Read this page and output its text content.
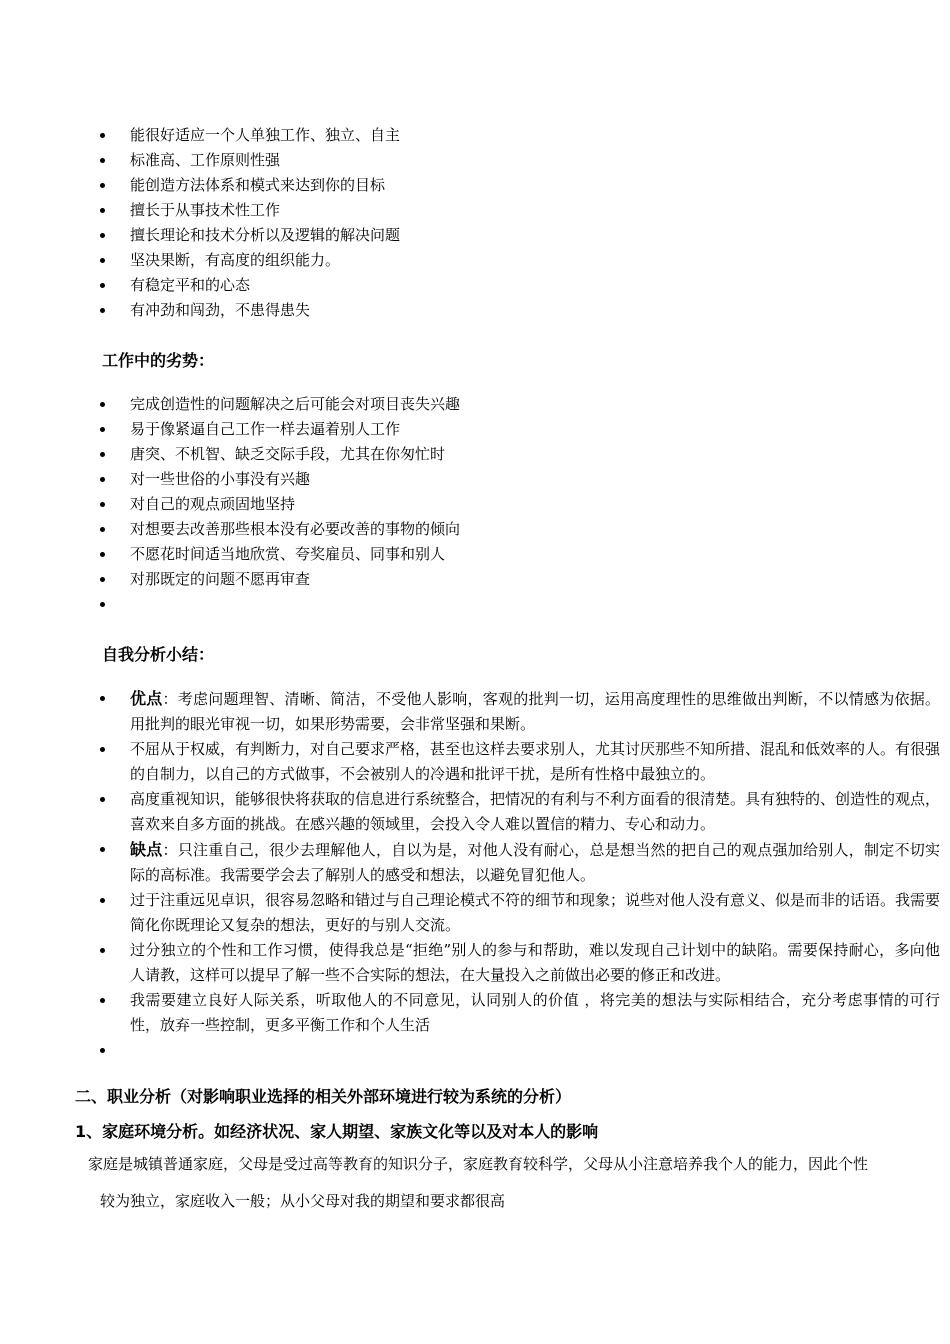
能很好适应一个人单独工作、独立、自主
标准高、工作原则性强
能创造方法体系和模式来达到你的目标
擅长于从事技术性工作
擅长理论和技术分析以及逻辑的解决问题
坚决果断，有高度的组织能力。
有稳定平和的心态
有冲劲和闯劲，不患得患失
工作中的劣势：
完成创造性的问题解决之后可能会对项目丧失兴趣
易于像紧逼自己工作一样去逼着别人工作
唐突、不机智、缺乏交际手段，尤其在你匆忙时
对一些世俗的小事没有兴趣
对自己的观点顽固地坚持
对想要去改善那些根本没有必要改善的事物的倾向
不愿花时间适当地欣赏、夸奖雇员、同事和别人
对那既定的问题不愿再审查

自我分析小结：
优点：考虑问题理智、清晰、简洁，不受他人影响，客观的批判一切，运用高度理性的思维做出判断，不以情感为依据。用批判的眼光审视一切，如果形势需要，会非常坚强和果断。
不屈从于权威，有判断力，对自己要求严格，甚至也这样去要求别人，尤其讨厌那些不知所措、混乱和低效率的人。有很强的自制力，以自己的方式做事，不会被别人的冷遇和批评干扰，是所有性格中最独立的。
高度重视知识，能够很快将获取的信息进行系统整合，把情况的有利与不利方面看的很清楚。具有独特的、创造性的观点，喜欢来自多方面的挑战。在感兴趣的领域里，会投入令人难以置信的精力、专心和动力。
缺点：只注重自己，很少去理解他人，自以为是，对他人没有耐心，总是想当然的把自己的观点强加给别人，制定不切实际的高标准。我需要学会去了解别人的感受和想法，以避免冒犯他人。
过于注重远见卓识，很容易忽略和错过与自己理论模式不符的细节和现象；说些对他人没有意义、似是而非的话语。我需要简化你既理论又复杂的想法，更好的与别人交流。
过分独立的个性和工作习惯，使得我总是“拒绝”别人的参与和帮助，难以发现自己计划中的缺陷。需要保持耐心，多向他人请教，这样可以提早了解一些不合实际的想法，在大量投入之前做出必要的修正和改进。
我需要建立良好人际关系，听取他人的不同意见，认同别人的价值 ，将完美的想法与实际相结合，充分考虑事情的可行性，放弃一些控制，更多平衡工作和个人生活

二、职业分析（对影响职业选择的相关外部环境进行较为系统的分析）
1、家庭环境分析。如经济状况、家人期望、家族文化等以及对本人的影响
家庭是城镇普通家庭，父母是受过高等教育的知识分子，家庭教育较科学，父母从小注意培养我个人的能力，因此个性
较为独立，家庭收入一般；从小父母对我的期望和要求都很高
